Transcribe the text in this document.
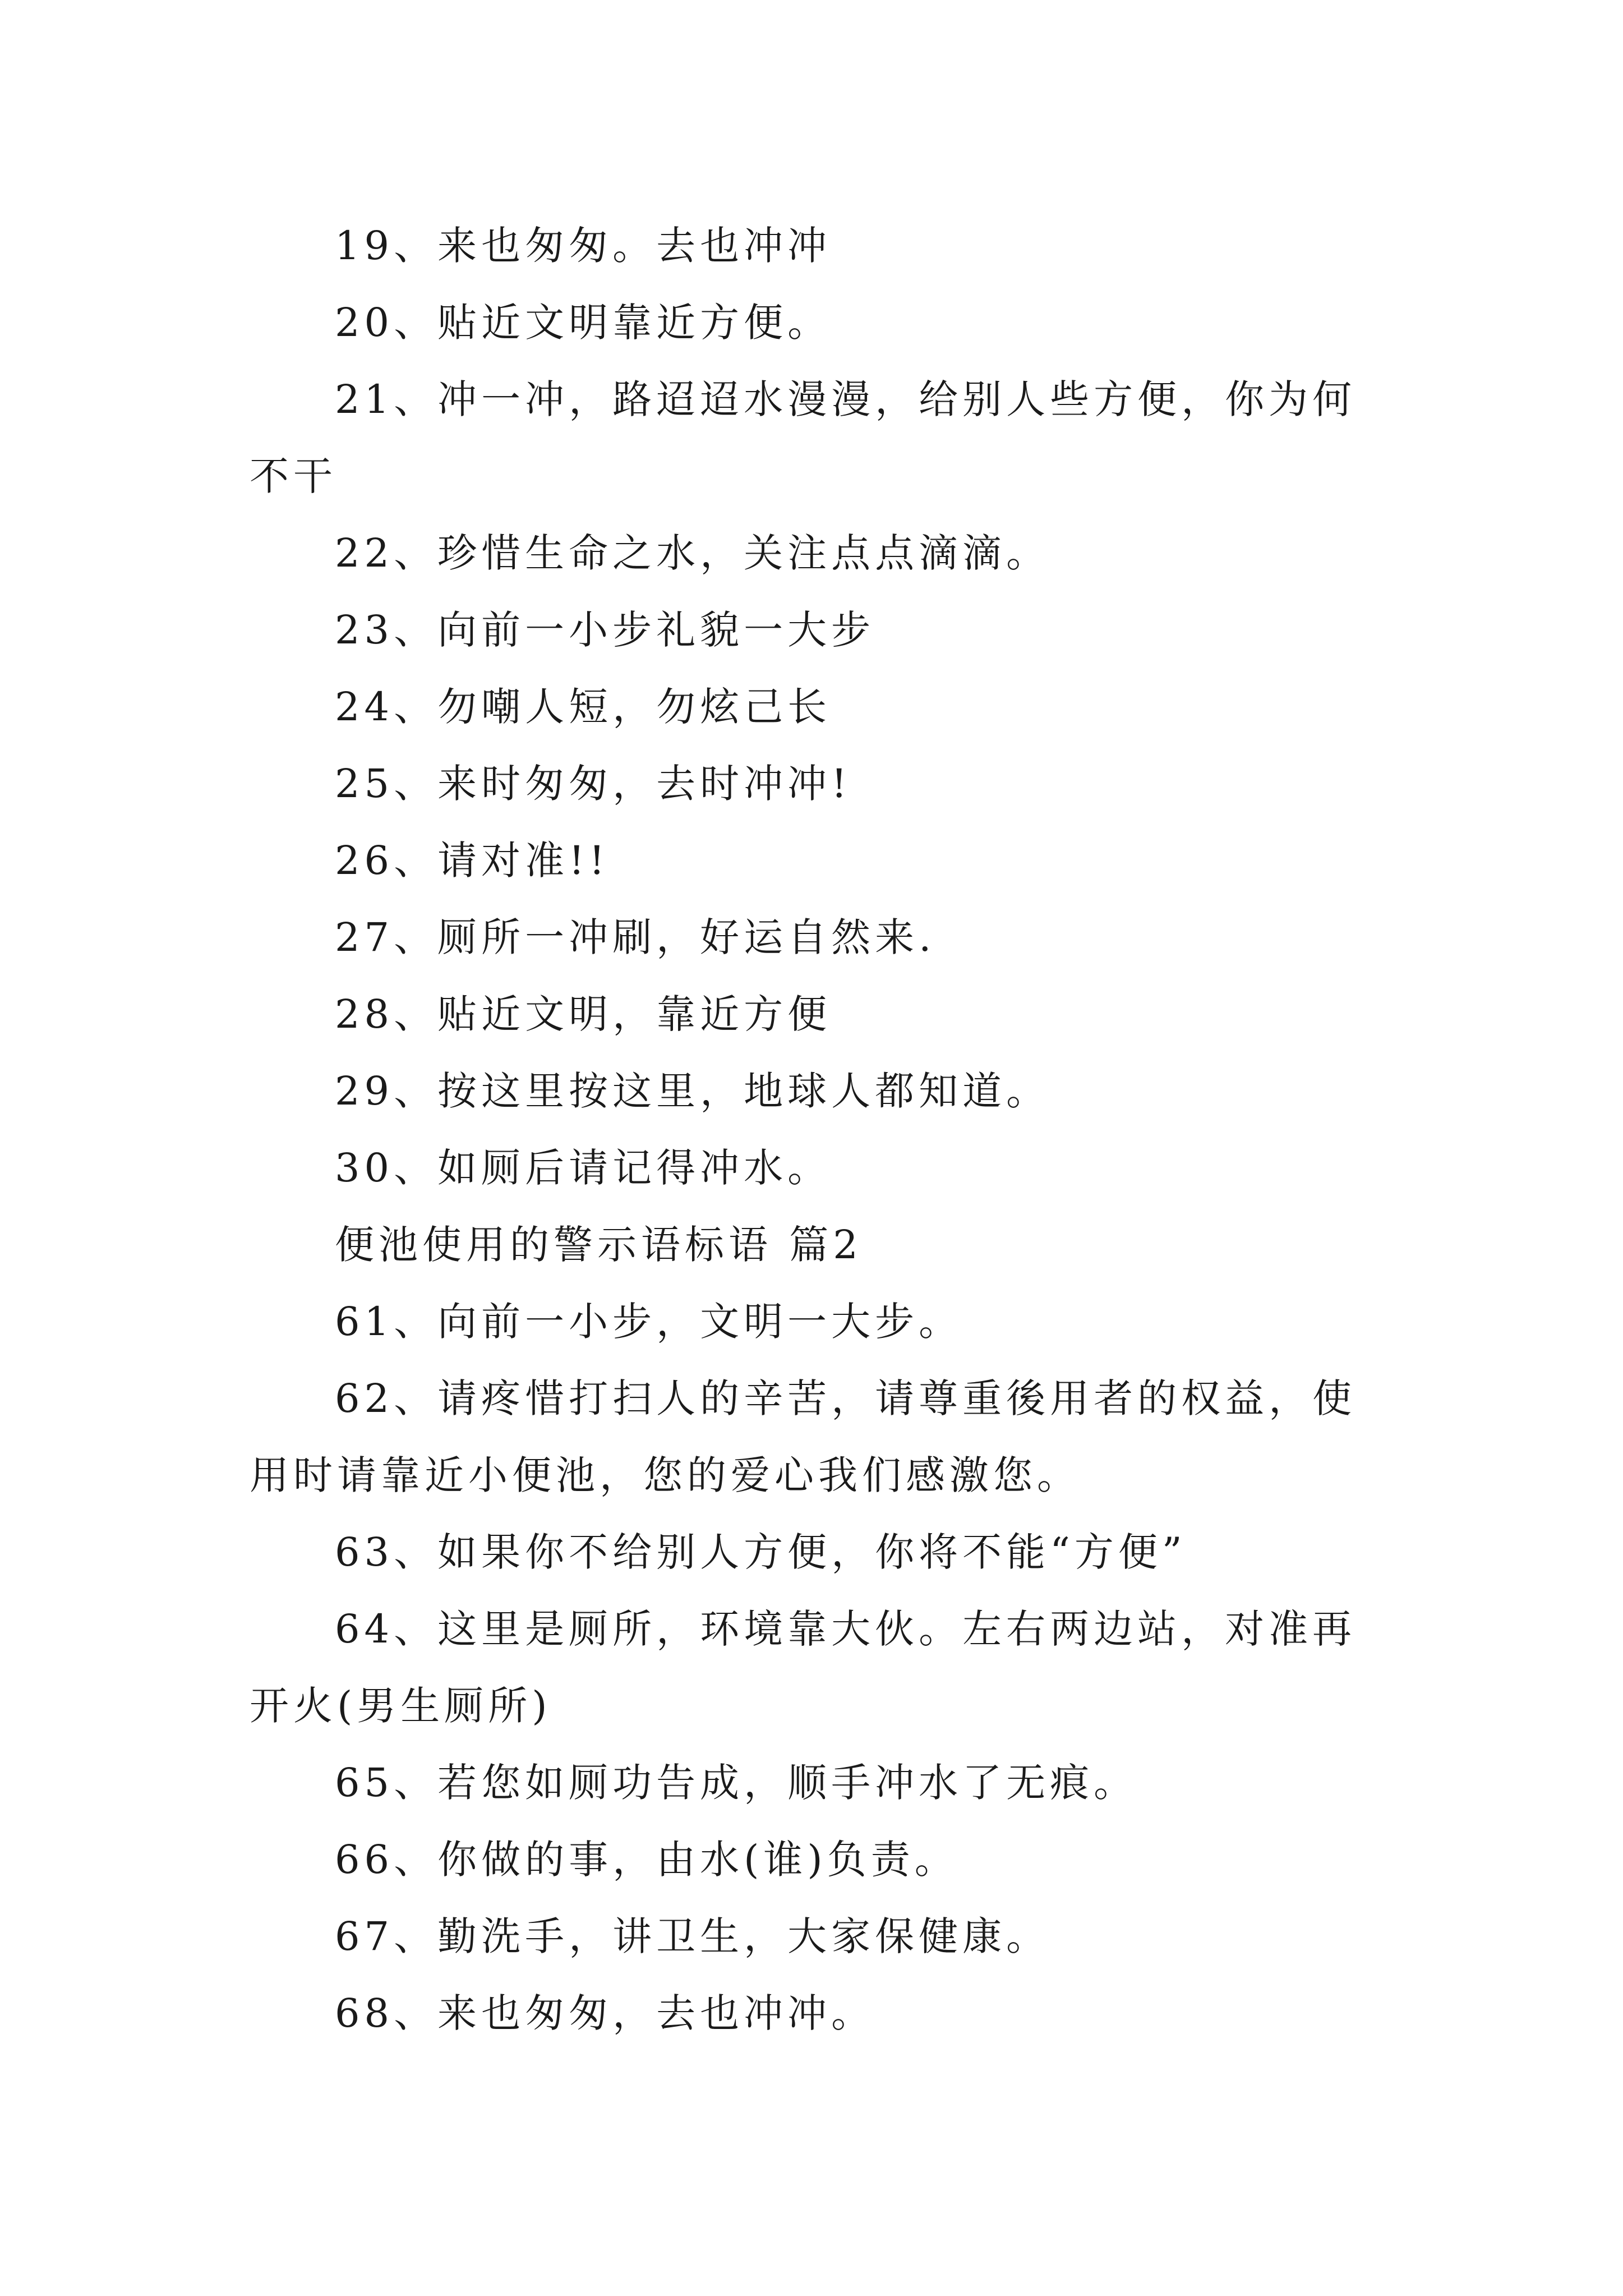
19、来也匆匆。去也冲冲

20、贴近文明靠近方便。

21、冲一冲，路迢迢水漫漫，给别人些方便，你为何不干

22、珍惜生命之水，关注点点滴滴。

23、向前一小步礼貌一大步

24、勿嘲人短，勿炫己长

25、来时匆匆，去时冲冲!

26、请对准!!

27、厕所一冲刷，好运自然来.

28、贴近文明，靠近方便

29、按这里按这里，地球人都知道。

30、如厕后请记得冲水。

便池使用的警示语标语 篇2

61、向前一小步，文明一大步。

62、请疼惜打扫人的辛苦，请尊重後用者的权益，使用时请靠近小便池，您的爱心我们感激您。

63、如果你不给别人方便，你将不能“方便”

64、这里是厕所，环境靠大伙。左右两边站，对准再开火(男生厕所)

65、若您如厕功告成，顺手冲水了无痕。

66、你做的事，由水(谁)负责。

67、勤洗手，讲卫生，大家保健康。

68、来也匆匆，去也冲冲。
